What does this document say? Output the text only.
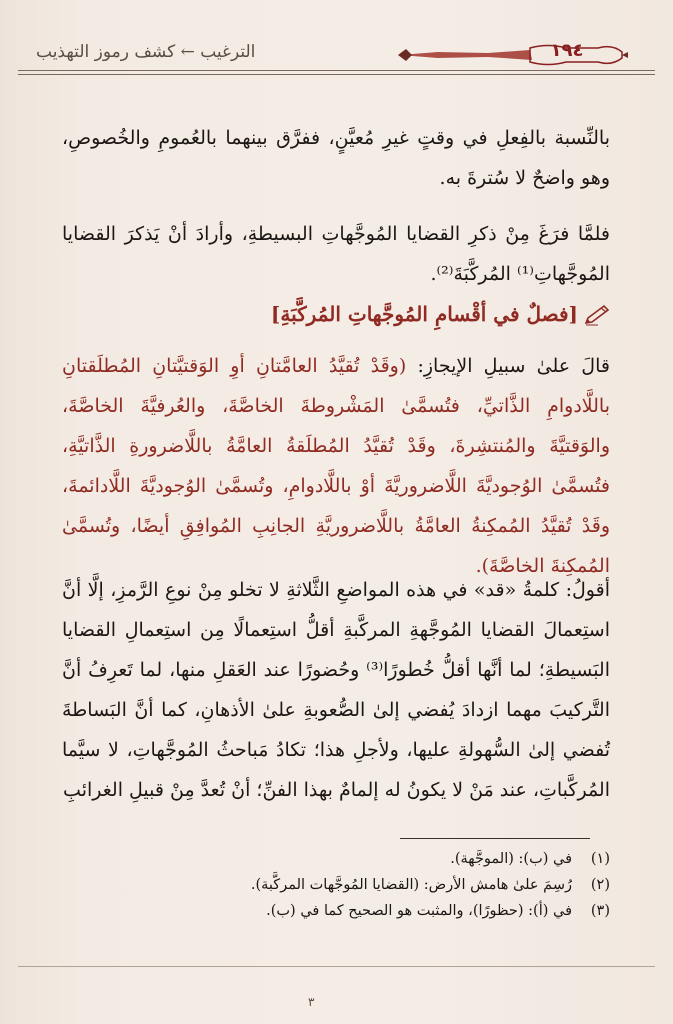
الترغيب ← كشف رموز التهذيب	١٩٤
بالنِّسبة بالفِعلِ في وقتٍ غيرِ مُعيَّنٍ، ففرَّق بينهما بالعُمومِ والخُصوصِ، وهو واضحٌ لا سُترةَ به.
فلمَّا فرَغَ مِنْ ذكرِ القضايا المُوجَّهاتِ البسيطةِ، وأرادَ أنْ يَذكرَ القضايا المُوجَّهاتِ⁽¹⁾ المُركَّبَةَ⁽²⁾.
[فصلٌ في أقْسامِ المُوجَّهاتِ المُركَّبَةِ]
قالَ علىٰ سبيلِ الإيجازِ: (وقَدْ تُقيَّدُ العامَّتانِ أوِ الوَقتيَّتانِ المُطلَقتانِ باللَّادوامِ الذَّاتيِّ، فتُسمَّىٰ المَشْروطةَ الخاصَّةَ، والعُرفيَّةَ الخاصَّةَ، والوَقتيَّةَ والمُنتشِرةَ، وقَدْ تُقيَّدُ المُطلَقةُ العامَّةُ باللَّاضرورةِ الذَّاتيَّةِ، فتُسمَّىٰ الوُجوديَّةَ اللَّاضروريَّةَ أوْ باللَّادوامِ، وتُسمَّىٰ الوُجوديَّةَ اللَّادائمةَ، وقَدْ تُقيَّدُ المُمكِنةُ العامَّةُ باللَّاضروريَّةِ الجانِبِ المُوافِقِ أيضًا، وتُسمَّىٰ المُمكِنةَ الخاصَّةَ).
أقولُ: كلمةُ «قد» في هذه المواضعِ الثَّلاثةِ لا تخلو مِنْ نوعِ الرَّمزِ، إلَّا أنَّ استِعمالَ القضايا المُوجَّهةِ المركَّبةِ أقلُّ استِعمالًا مِن استِعمالِ القضايا البَسيطةِ؛ لما أنَّها أقلُّ خُطورًا⁽³⁾ وحُضورًا عند العَقلِ منها، لما تَعرِفُ أنَّ التَّركيبَ مهما ازدادَ يُفضي إلىٰ الصُّعوبةِ علىٰ الأذهانِ، كما أنَّ البَساطةَ تُفضي إلىٰ السُّهولةِ عليها، ولأجلِ هذا؛ تكادُ مَباحثُ المُوجَّهاتِ، لا سيَّما المُركَّباتِ، عند مَنْ لا يكونُ له إلمامٌ بهذا الفنِّ؛ أنْ تُعدَّ مِنْ قبيلِ الغرائبِ
(١)في (ب): (الموجَّهة).
(٢)رُسِمَ علىٰ هامش الأرض: (القضايا المُوجَّهات المركَّبة).
(٣)في (أ): (حظورًا)، والمثبت هو الصحيح كما في (ب).
٣
